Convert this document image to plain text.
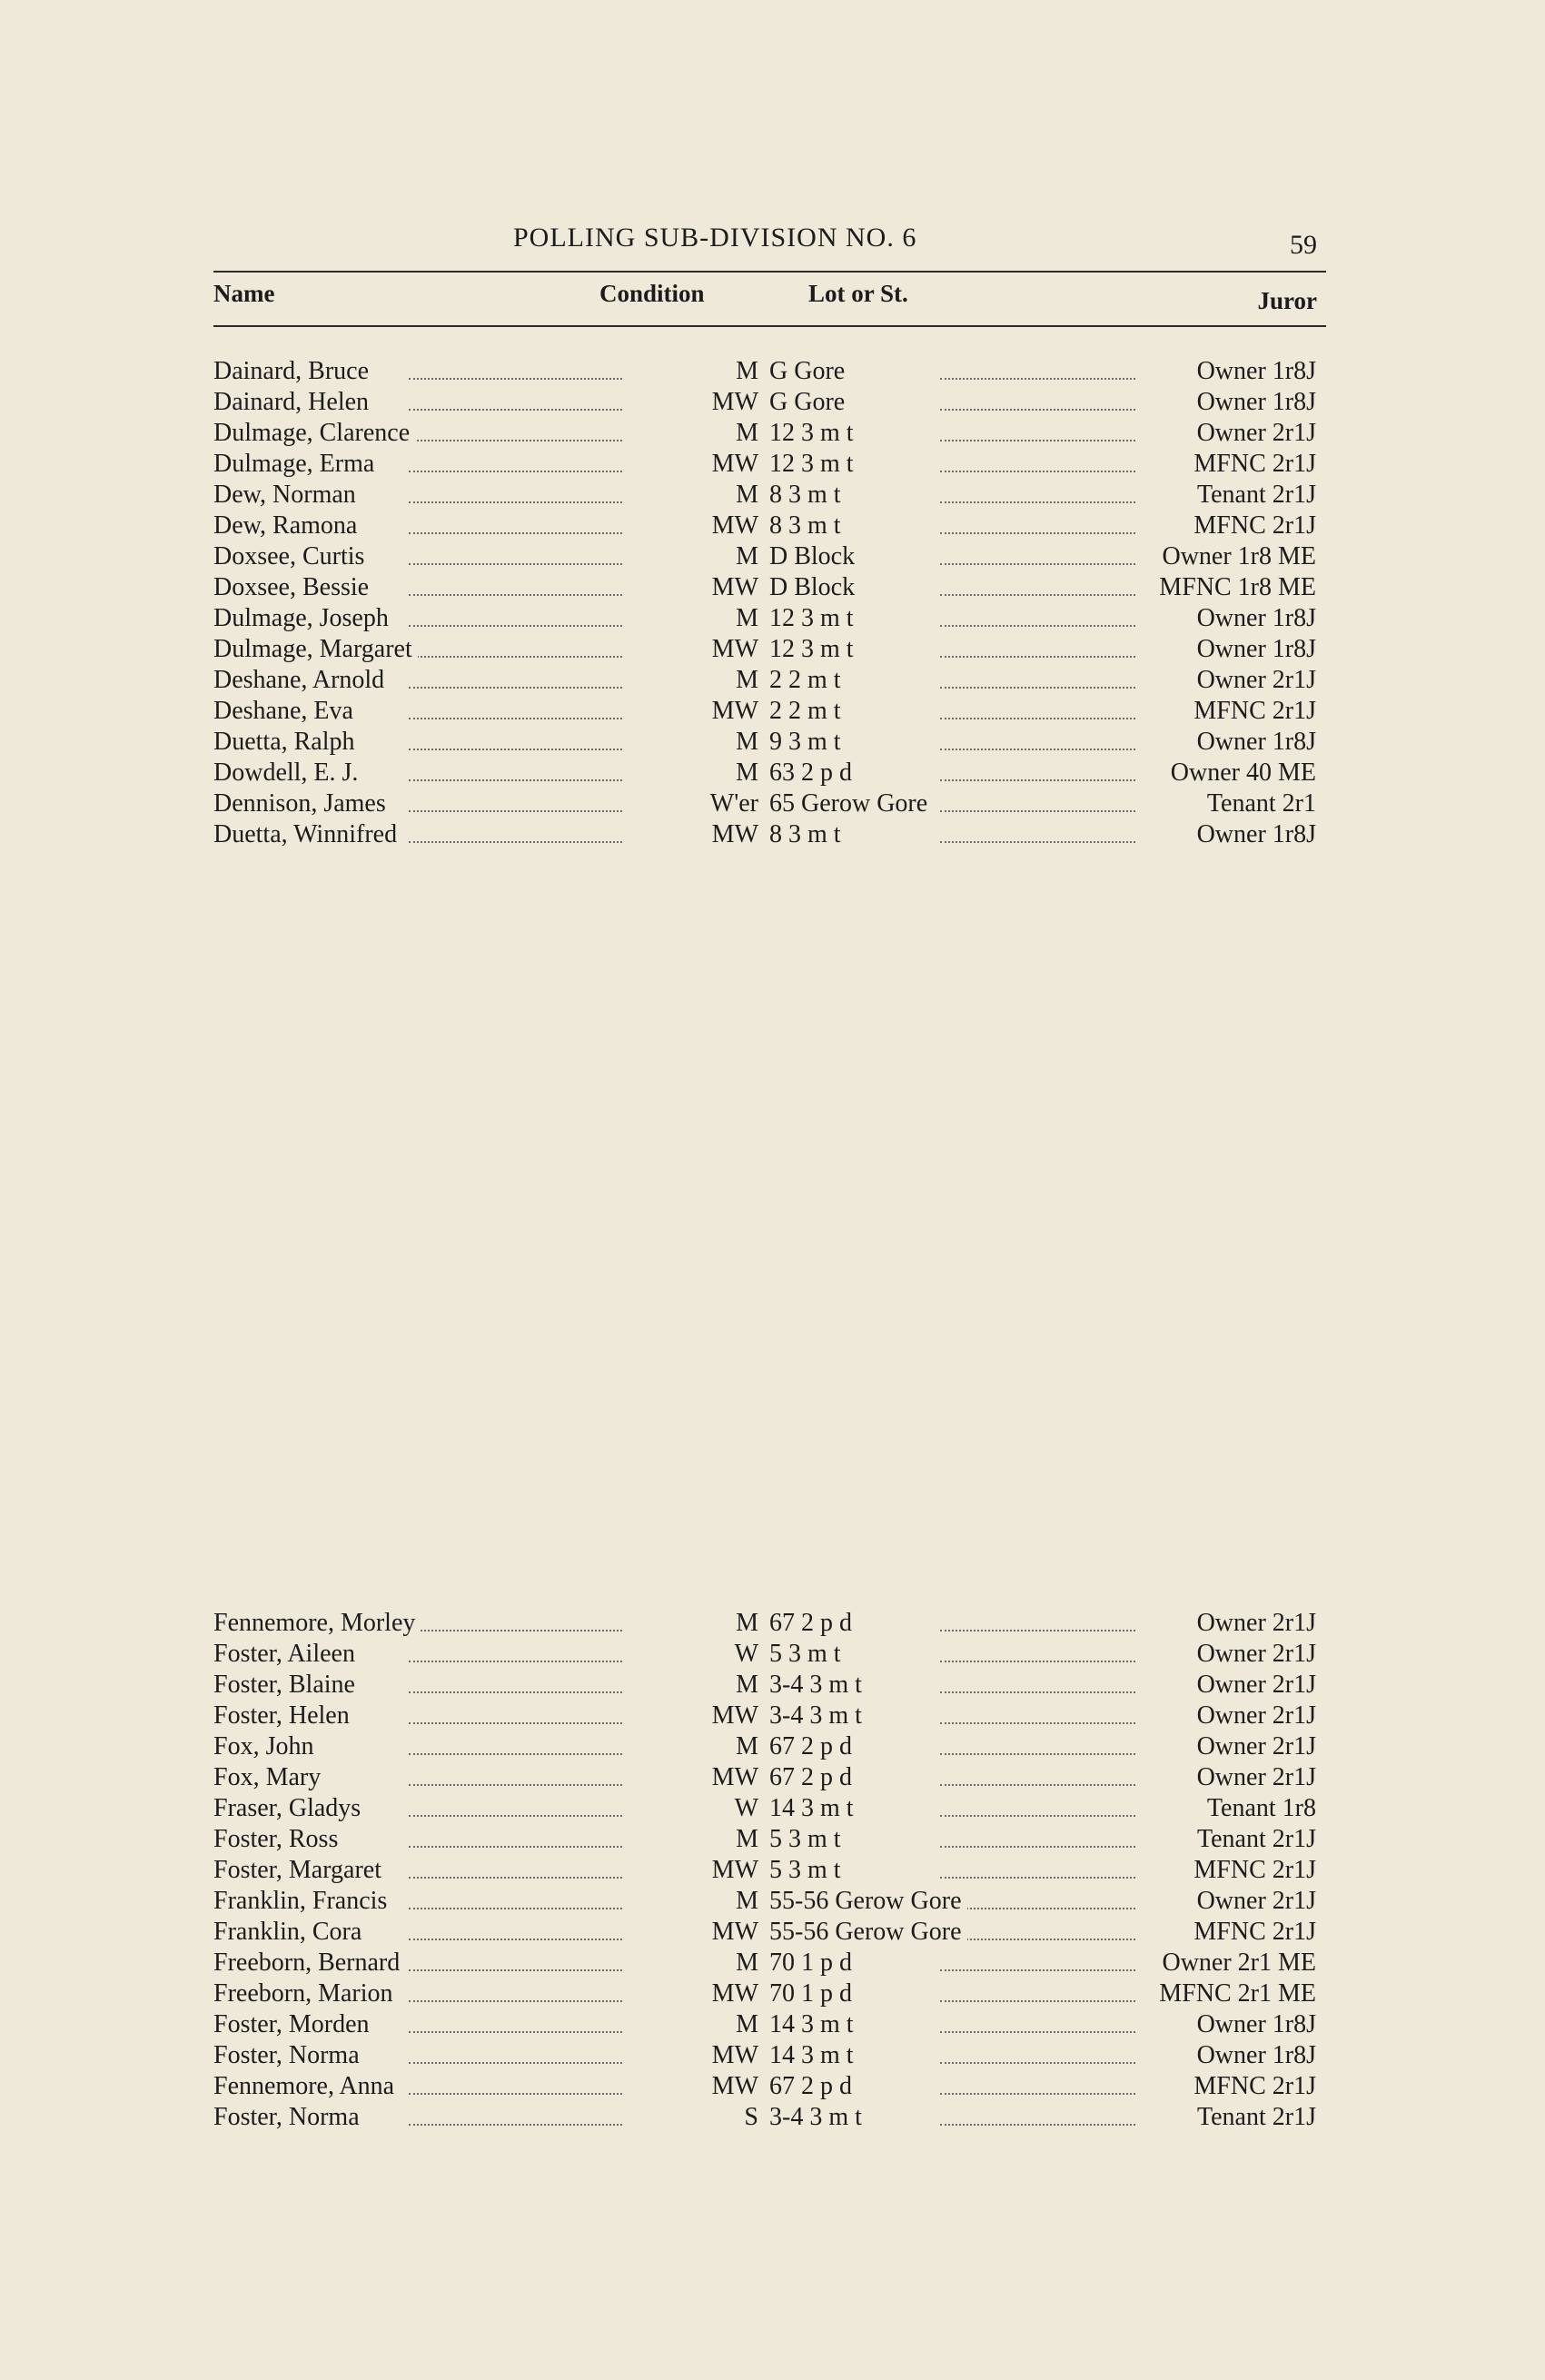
POLLING SUB-DIVISION NO. 6	59
Name	Condition	Lot or St.	Juror
Dainard, Bruce	M G Gore	Owner 1r8J
Dainard, Helen	MW G Gore	Owner 1r8J
Dulmage, Clarence	M 12 3 m t	Owner 2r1J
Dulmage, Erma	MW 12 3 m t	MFNC 2r1J
Dew, Norman	M 8 3 m t	Tenant 2r1J
Dew, Ramona	MW 8 3 m t	MFNC 2r1J
Doxsee, Curtis	M D Block	Owner 1r8 ME
Doxsee, Bessie	MW D Block	MFNC 1r8 ME
Dulmage, Joseph	M 12 3 m t	Owner 1r8J
Dulmage, Margaret	MW 12 3 m t	Owner 1r8J
Deshane, Arnold	M 2 2 m t	Owner 2r1J
Deshane, Eva	MW 2 2 m t	MFNC 2r1J
Duetta, Ralph	M 9 3 m t	Owner 1r8J
Dowdell, E. J.	M 63 2 p d	Owner 40 ME
Dennison, James	W'er 65 Gerow Gore	Tenant 2r1
Duetta, Winnifred	MW 8 3 m t	Owner 1r8J
Fennemore, Morley	M 67 2 p d	Owner 2r1J
Foster, Aileen	W 5 3 m t	Owner 2r1J
Foster, Blaine	M 3-4 3 m t	Owner 2r1J
Foster, Helen	MW 3-4 3 m t	Owner 2r1J
Fox, John	M 67 2 p d	Owner 2r1J
Fox, Mary	MW 67 2 p d	Owner 2r1J
Fraser, Gladys	W 14 3 m t	Tenant 1r8
Foster, Ross	M 5 3 m t	Tenant 2r1J
Foster, Margaret	MW 5 3 m t	MFNC 2r1J
Franklin, Francis	M 55-56 Gerow Gore	Owner 2r1J
Franklin, Cora	MW 55-56 Gerow Gore	MFNC 2r1J
Freeborn, Bernard	M 70 1 p d	Owner 2r1 ME
Freeborn, Marion	MW 70 1 p d	MFNC 2r1 ME
Foster, Morden	M 14 3 m t	Owner 1r8J
Foster, Norma	MW 14 3 m t	Owner 1r8J
Fennemore, Anna	MW 67 2 p d	MFNC 2r1J
Foster, Norma	S 3-4 3 m t	Tenant 2r1J
